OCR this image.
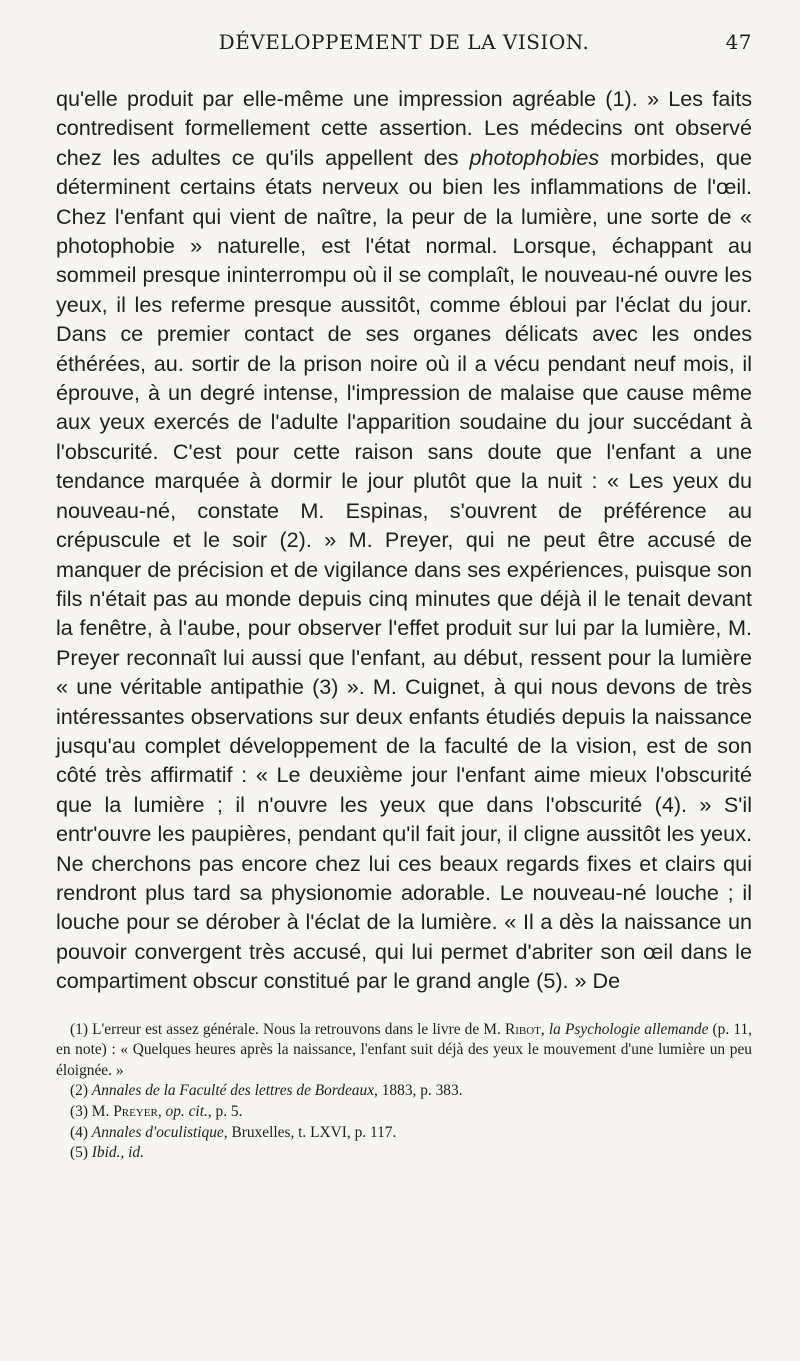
DÉVELOPPEMENT DE LA VISION.	47

qu'elle produit par elle-même une impression agréable (1). » Les faits contredisent formellement cette assertion. Les médecins ont observé chez les adultes ce qu'ils appellent des photophobies morbides, que déterminent certains états nerveux ou bien les inflammations de l'œil. Chez l'enfant qui vient de naître, la peur de la lumière, une sorte de « photophobie » naturelle, est l'état normal. Lorsque, échappant au sommeil presque ininterrompu où il se complaît, le nouveau-né ouvre les yeux, il les referme presque aussitôt, comme ébloui par l'éclat du jour. Dans ce premier contact de ses organes délicats avec les ondes éthérées, au. sortir de la prison noire où il a vécu pendant neuf mois, il éprouve, à un degré intense, l'impression de malaise que cause même aux yeux exercés de l'adulte l'apparition soudaine du jour succédant à l'obscurité. C'est pour cette raison sans doute que l'enfant a une tendance marquée à dormir le jour plutôt que la nuit : « Les yeux du nouveau-né, constate M. Espinas, s'ouvrent de préférence au crépuscule et le soir (2). » M. Preyer, qui ne peut être accusé de manquer de précision et de vigilance dans ses expériences, puisque son fils n'était pas au monde depuis cinq minutes que déjà il le tenait devant la fenêtre, à l'aube, pour observer l'effet produit sur lui par la lumière, M. Preyer reconnaît lui aussi que l'enfant, au début, ressent pour la lumière « une véritable antipathie (3) ». M. Cuignet, à qui nous devons de très intéressantes observations sur deux enfants étudiés depuis la naissance jusqu'au complet développement de la faculté de la vision, est de son côté très affirmatif : « Le deuxième jour l'enfant aime mieux l'obscurité que la lumière ; il n'ouvre les yeux que dans l'obscurité (4). » S'il entr'ouvre les paupières, pendant qu'il fait jour, il cligne aussitôt les yeux. Ne cherchons pas encore chez lui ces beaux regards fixes et clairs qui rendront plus tard sa physionomie adorable. Le nouveau-né louche ; il louche pour se dérober à l'éclat de la lumière. « Il a dès la naissance un pouvoir convergent très accusé, qui lui permet d'abriter son œil dans le compartiment obscur constitué par le grand angle (5). » De

(1) L'erreur est assez générale. Nous la retrouvons dans le livre de M. Ribot, la Psychologie allemande (p. 11, en note) : « Quelques heures après la naissance, l'enfant suit déjà des yeux le mouvement d'une lumière un peu éloignée. »

(2) Annales de la Faculté des lettres de Bordeaux, 1883, p. 383.

(3) M. Preyer, op. cit., p. 5.

(4) Annales d'oculistique, Bruxelles, t. LXVI, p. 117.

(5) Ibid., id.
